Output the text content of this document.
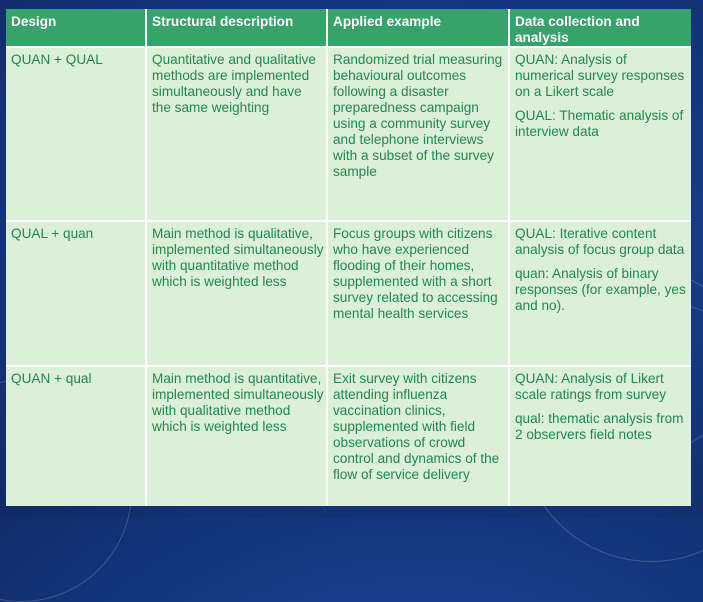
Design	Structural description	Applied example	Data collection and analysis
QUAN + QUAL	Quantitative and qualitative methods are implemented simultaneously and have the same weighting	Randomized trial measuring behavioural outcomes following a disaster preparedness campaign using a community survey and telephone interviews with a subset of the survey sample	QUAN: Analysis of numerical survey responses on a Likert scale
QUAL: Thematic analysis of interview data

QUAL + quan	Main method is qualitative, implemented simultaneously with quantitative method which is weighted less	Focus groups with citizens who have experienced flooding of their homes, supplemented with a short survey related to accessing mental health services	QUAL: Iterative content analysis of focus group data
quan: Analysis of binary responses (for example, yes and no).

QUAN + qual	Main method is quantitative, implemented simultaneously with qualitative method which is weighted less	Exit survey with citizens attending influenza vaccination clinics, supplemented with field observations of crowd control and dynamics of the flow of service delivery	QUAN: Analysis of Likert scale ratings from survey
qual: thematic analysis from 2 observers field notes
